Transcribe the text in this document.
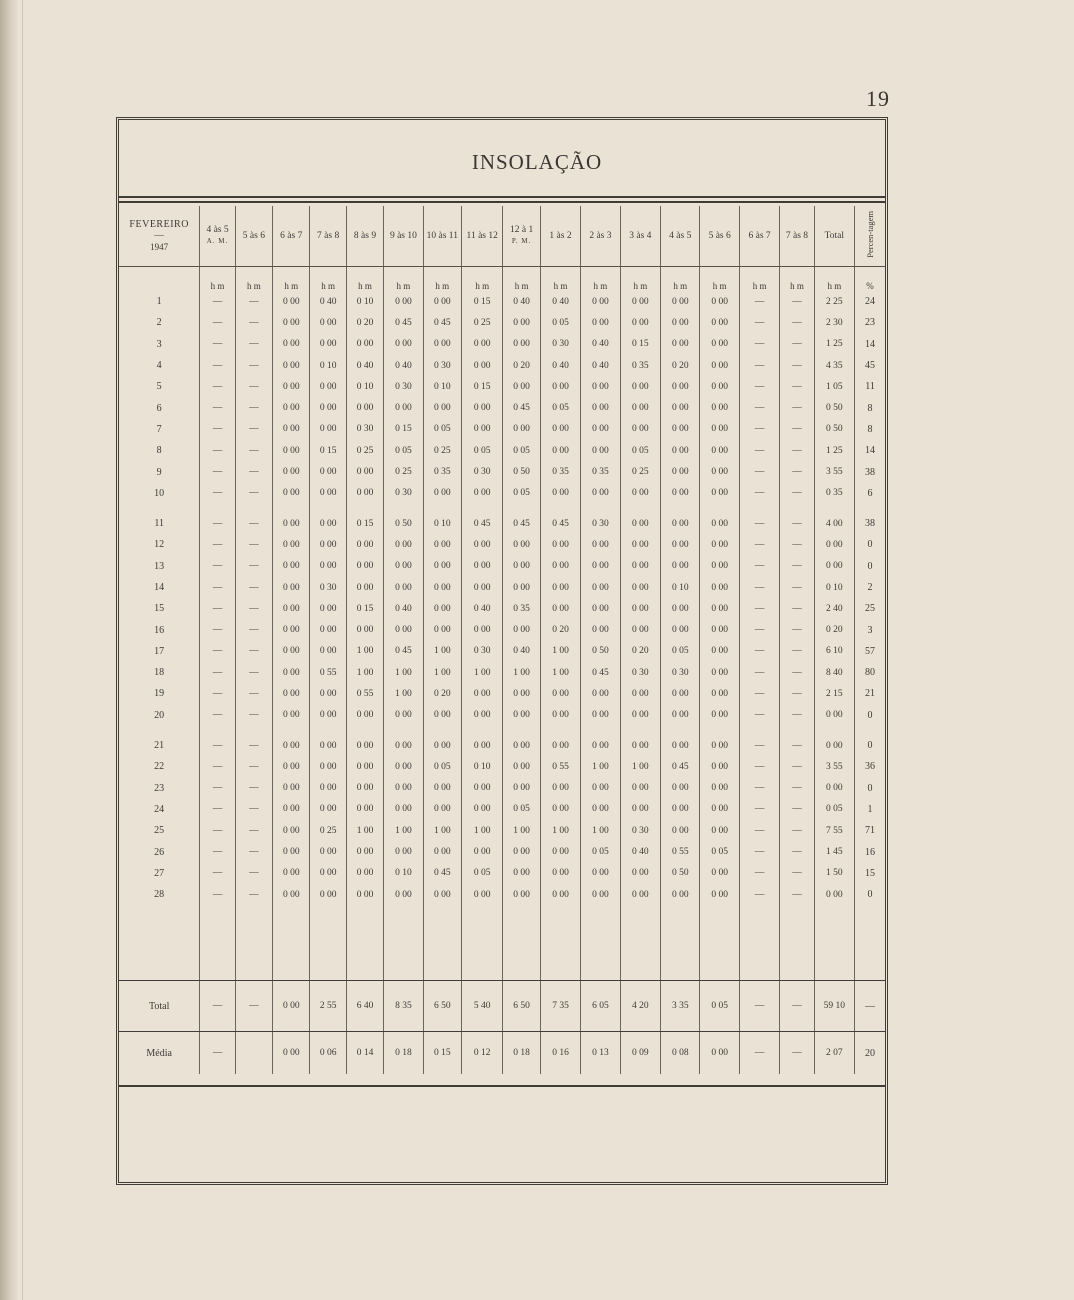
19
INSOLAÇÃO
FEVEREIRO
—
1947	4 às 5
A. M.	5 às 6	6 às 7	7 às 8	8 às 9	9 às 10	10 às 11	11 às 12	12 à 1
P. M.	1 às 2	2 às 3	3 às 4	4 às 5	5 às 6	6 às 7	7 às 8	Total	Percen-tagem
	h m	h m	h m	h m	h m	h m	h m	h m	h m	h m	h m	h m	h m	h m	h m	h m	h m	%
1	—	—	0 00	0 40	0 10	0 00	0 00	0 15	0 40	0 40	0 00	0 00	0 00	0 00	—	—	2 25	24
2	—	—	0 00	0 00	0 20	0 45	0 45	0 25	0 00	0 05	0 00	0 00	0 00	0 00	—	—	2 30	23
3	—	—	0 00	0 00	0 00	0 00	0 00	0 00	0 00	0 30	0 40	0 15	0 00	0 00	—	—	1 25	14
4	—	—	0 00	0 10	0 40	0 40	0 30	0 00	0 20	0 40	0 40	0 35	0 20	0 00	—	—	4 35	45
5	—	—	0 00	0 00	0 10	0 30	0 10	0 15	0 00	0 00	0 00	0 00	0 00	0 00	—	—	1 05	11
6	—	—	0 00	0 00	0 00	0 00	0 00	0 00	0 45	0 05	0 00	0 00	0 00	0 00	—	—	0 50	8
7	—	—	0 00	0 00	0 30	0 15	0 05	0 00	0 00	0 00	0 00	0 00	0 00	0 00	—	—	0 50	8
8	—	—	0 00	0 15	0 25	0 05	0 25	0 05	0 05	0 00	0 00	0 05	0 00	0 00	—	—	1 25	14
9	—	—	0 00	0 00	0 00	0 25	0 35	0 30	0 50	0 35	0 35	0 25	0 00	0 00	—	—	3 55	38
10	—	—	0 00	0 00	0 00	0 30	0 00	0 00	0 05	0 00	0 00	0 00	0 00	0 00	—	—	0 35	6

11	—	—	0 00	0 00	0 15	0 50	0 10	0 45	0 45	0 45	0 30	0 00	0 00	0 00	—	—	4 00	38
12	—	—	0 00	0 00	0 00	0 00	0 00	0 00	0 00	0 00	0 00	0 00	0 00	0 00	—	—	0 00	0
13	—	—	0 00	0 00	0 00	0 00	0 00	0 00	0 00	0 00	0 00	0 00	0 00	0 00	—	—	0 00	0
14	—	—	0 00	0 30	0 00	0 00	0 00	0 00	0 00	0 00	0 00	0 00	0 10	0 00	—	—	0 10	2
15	—	—	0 00	0 00	0 15	0 40	0 00	0 40	0 35	0 00	0 00	0 00	0 00	0 00	—	—	2 40	25
16	—	—	0 00	0 00	0 00	0 00	0 00	0 00	0 00	0 20	0 00	0 00	0 00	0 00	—	—	0 20	3
17	—	—	0 00	0 00	1 00	0 45	1 00	0 30	0 40	1 00	0 50	0 20	0 05	0 00	—	—	6 10	57
18	—	—	0 00	0 55	1 00	1 00	1 00	1 00	1 00	1 00	0 45	0 30	0 30	0 00	—	—	8 40	80
19	—	—	0 00	0 00	0 55	1 00	0 20	0 00	0 00	0 00	0 00	0 00	0 00	0 00	—	—	2 15	21
20	—	—	0 00	0 00	0 00	0 00	0 00	0 00	0 00	0 00	0 00	0 00	0 00	0 00	—	—	0 00	0

21	—	—	0 00	0 00	0 00	0 00	0 00	0 00	0 00	0 00	0 00	0 00	0 00	0 00	—	—	0 00	0
22	—	—	0 00	0 00	0 00	0 00	0 05	0 10	0 00	0 55	1 00	1 00	0 45	0 00	—	—	3 55	36
23	—	—	0 00	0 00	0 00	0 00	0 00	0 00	0 00	0 00	0 00	0 00	0 00	0 00	—	—	0 00	0
24	—	—	0 00	0 00	0 00	0 00	0 00	0 00	0 05	0 00	0 00	0 00	0 00	0 00	—	—	0 05	1
25	—	—	0 00	0 25	1 00	1 00	1 00	1 00	1 00	1 00	1 00	0 30	0 00	0 00	—	—	7 55	71
26	—	—	0 00	0 00	0 00	0 00	0 00	0 00	0 00	0 00	0 05	0 40	0 55	0 05	—	—	1 45	16
27	—	—	0 00	0 00	0 00	0 10	0 45	0 05	0 00	0 00	0 00	0 00	0 50	0 00	—	—	1 50	15
28	—	—	0 00	0 00	0 00	0 00	0 00	0 00	0 00	0 00	0 00	0 00	0 00	0 00	—	—	0 00	0

Total	—	—	0 00	2 55	6 40	8 35	6 50	5 40	6 50	7 35	6 05	4 20	3 35	0 05	—	—	59 10	—
Média	—		0 00	0 06	0 14	0 18	0 15	0 12	0 18	0 16	0 13	0 09	0 08	0 00	—	—	2 07	20
